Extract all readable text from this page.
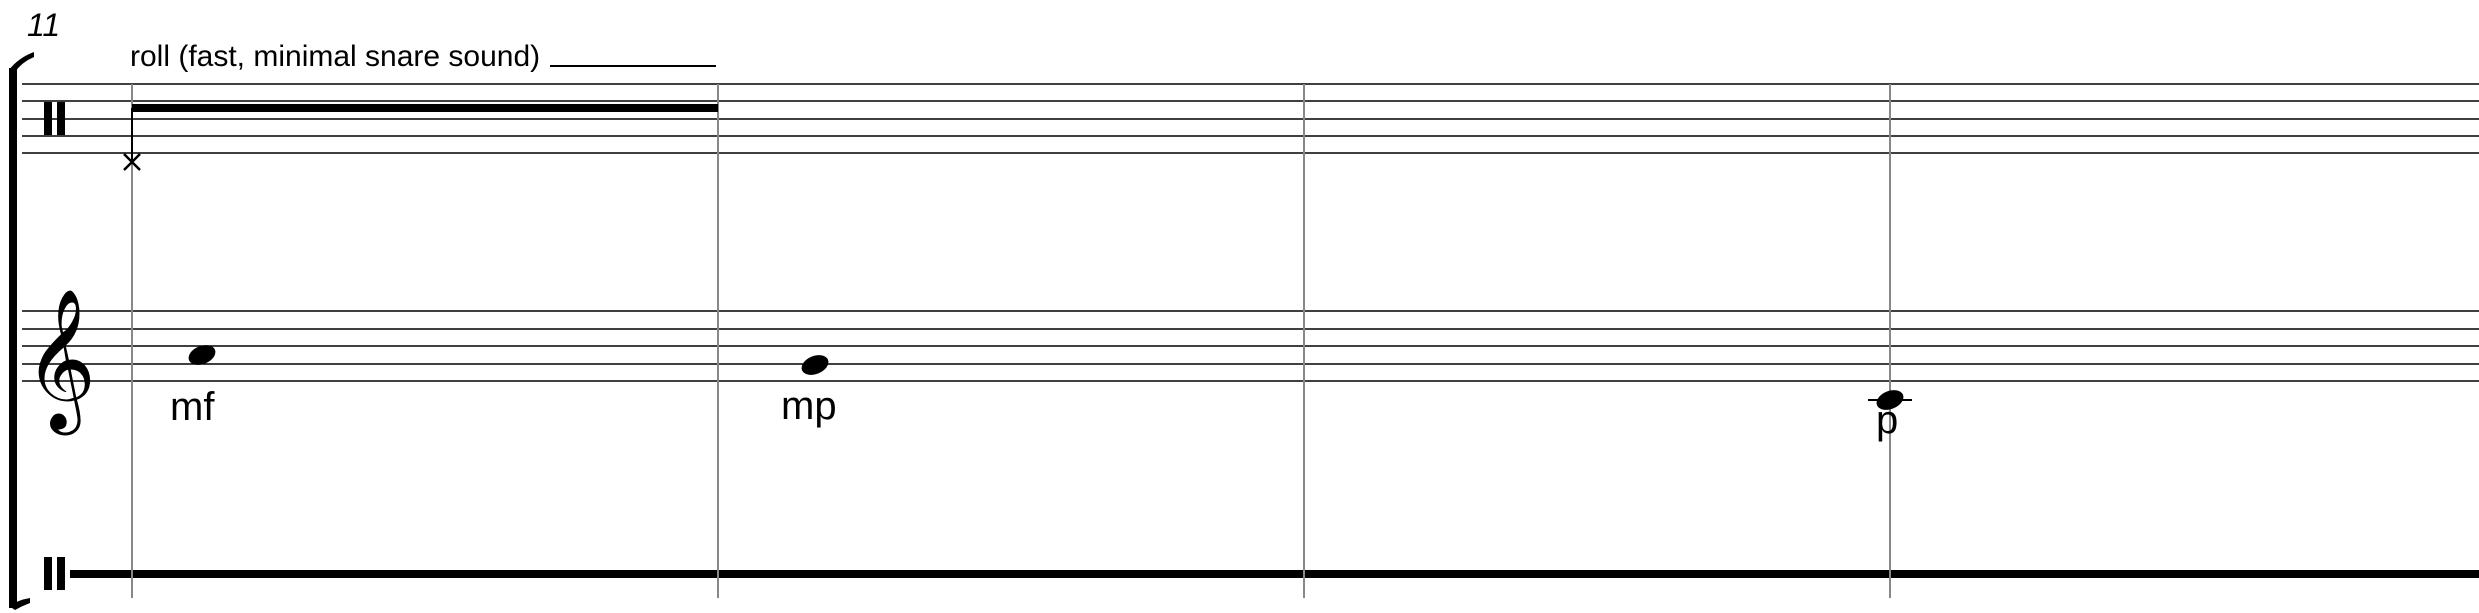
11
𝄞
roll (fast, minimal snare sound)
mf	mp	p
